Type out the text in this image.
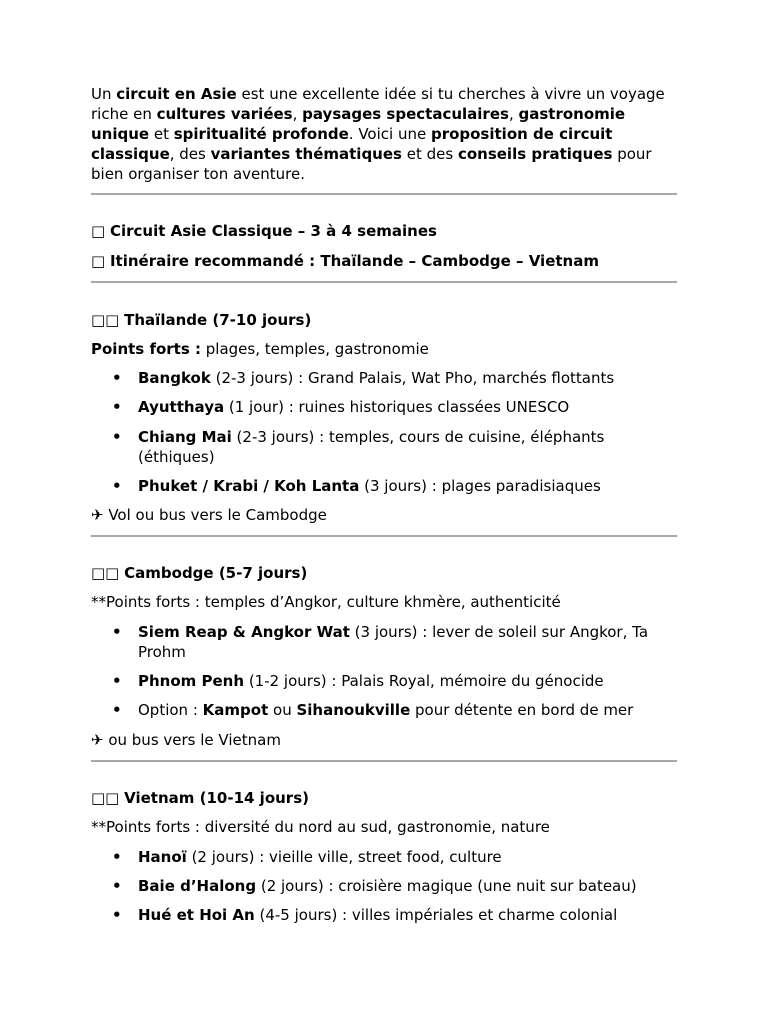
Un circuit en Asie est une excellente idée si tu cherches à vivre un voyage riche en cultures variées, paysages spectaculaires, gastronomie unique et spiritualité profonde. Voici une proposition de circuit classique, des variantes thématiques et des conseils pratiques pour bien organiser ton aventure.
□ Circuit Asie Classique – 3 à 4 semaines
□ Itinéraire recommandé : Thaïlande – Cambodge – Vietnam
□□ Thaïlande (7-10 jours)
Points forts : plages, temples, gastronomie
• Bangkok (2-3 jours) : Grand Palais, Wat Pho, marchés flottants
• Ayutthaya (1 jour) : ruines historiques classées UNESCO
• Chiang Mai (2-3 jours) : temples, cours de cuisine, éléphants (éthiques)
• Phuket / Krabi / Koh Lanta (3 jours) : plages paradisiaques
✈ Vol ou bus vers le Cambodge
□□ Cambodge (5-7 jours)
**Points forts : temples d’Angkor, culture khmère, authenticité
• Siem Reap & Angkor Wat (3 jours) : lever de soleil sur Angkor, Ta Prohm
• Phnom Penh (1-2 jours) : Palais Royal, mémoire du génocide
• Option : Kampot ou Sihanoukville pour détente en bord de mer
✈ ou bus vers le Vietnam
□□ Vietnam (10-14 jours)
**Points forts : diversité du nord au sud, gastronomie, nature
• Hanoï (2 jours) : vieille ville, street food, culture
• Baie d’Halong (2 jours) : croisière magique (une nuit sur bateau)
• Hué et Hoi An (4-5 jours) : villes impériales et charme colonial
